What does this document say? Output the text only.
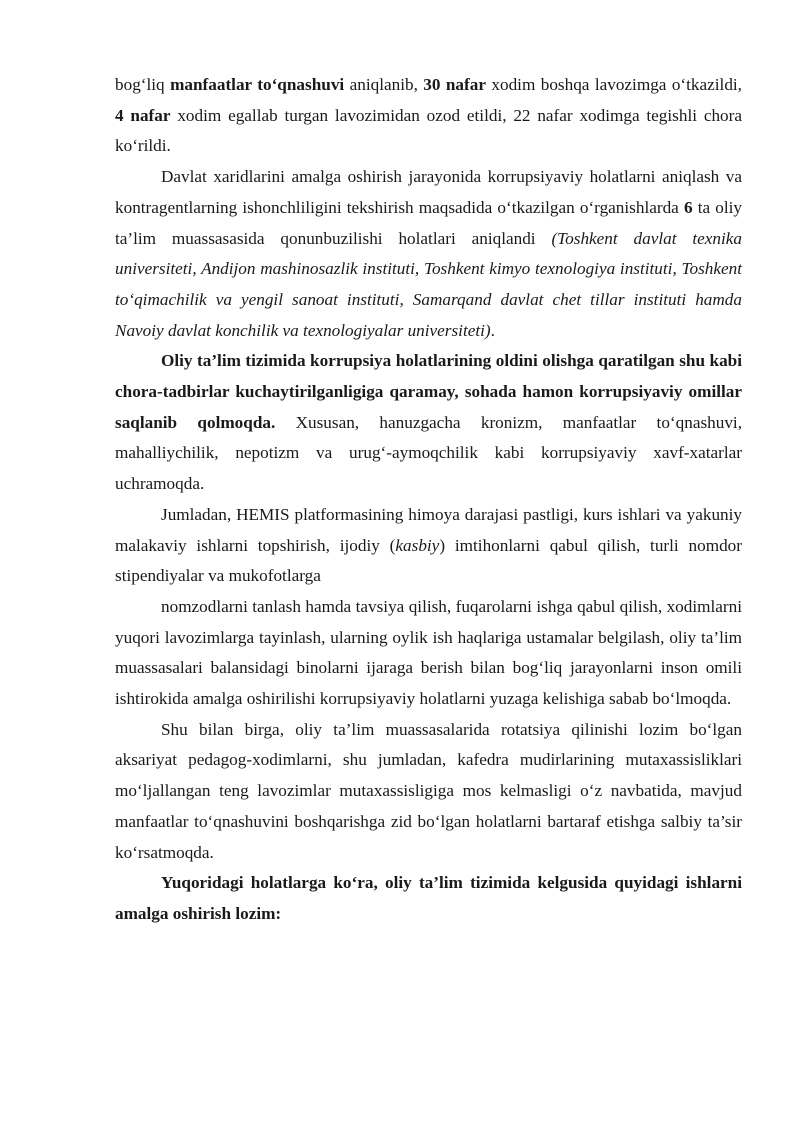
bog‘liq manfaatlar to‘qnashuvi aniqlanib, 30 nafar xodim boshqa lavozimga o‘tkazildi, 4 nafar xodim egallab turgan lavozimidan ozod etildi, 22 nafar xodimga tegishli chora ko‘rildi.

Davlat xaridlarini amalga oshirish jarayonida korrupsiyaviy holatlarni aniqlash va kontragentlarning ishonchliligini tekshirish maqsadida o‘tkazilgan o‘rganishlarda 6 ta oliy ta’lim muassasasida qonunbuzilishi holatlari aniqlandi (Toshkent davlat texnika universiteti, Andijon mashinosazlik instituti, Toshkent kimyo texnologiya instituti, Toshkent to‘qimachilik va yengil sanoat instituti, Samarqand davlat chet tillar instituti hamda Navoiy davlat konchilik va texnologiyalar universiteti).

Oliy ta’lim tizimida korrupsiya holatlarining oldini olishga qaratilgan shu kabi chora-tadbirlar kuchaytirilganligiga qaramay, sohada hamon korrupsiyaviy omillar saqlanib qolmoqda. Xususan, hanuzgacha kronizm, manfaatlar to‘qnashuvi, mahalliychilik, nepotizm va urug‘-aymoqchilik kabi korrupsiyaviy xavf-xatarlar uchramoqda.

Jumladan, HEMIS platformasining himoya darajasi pastligi, kurs ishlari va yakuniy malakaviy ishlarni topshirish, ijodiy (kasbiy) imtihonlarni qabul qilish, turli nomdor stipendiyalar va mukofotlarga

nomzodlarni tanlash hamda tavsiya qilish, fuqarolarni ishga qabul qilish, xodimlarni yuqori lavozimlarga tayinlash, ularning oylik ish haqlariga ustamalar belgilash, oliy ta’lim muassasalari balansidagi binolarni ijaraga berish bilan bog‘liq jarayonlarni inson omili ishtirokida amalga oshirilishi korrupsiyaviy holatlarni yuzaga kelishiga sabab bo‘lmoqda.

Shu bilan birga, oliy ta’lim muassasalarida rotatsiya qilinishi lozim bo‘lgan aksariyat pedagog-xodimlarni, shu jumladan, kafedra mudirlarining mutaxassisliklari mo‘ljallangan teng lavozimlar mutaxassisligiga mos kelmasligi o‘z navbatida, mavjud manfaatlar to‘qnashuvini boshqarishga zid bo‘lgan holatlarni bartaraf etishga salbiy ta’sir ko‘rsatmoqda.

Yuqoridagi holatlarga ko‘ra, oliy ta’lim tizimida kelgusida quyidagi ishlarni amalga oshirish lozim:
